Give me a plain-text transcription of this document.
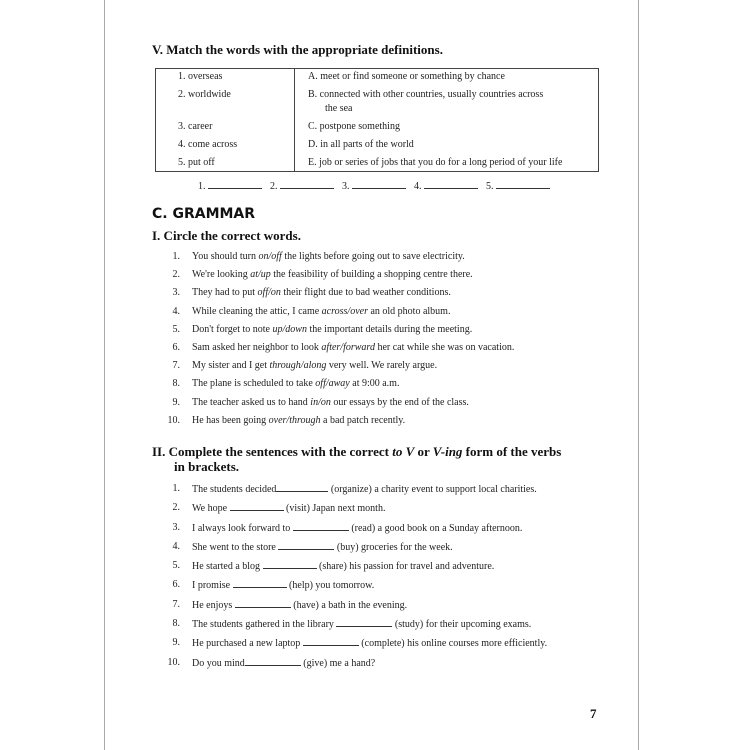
V. Match the words with the appropriate definitions.
1. overseas	A. meet or find someone or something by chance
2. worldwide	B. connected with other countries, usually countries across
the sea
3. career	C. postpone something
4. come across	D. in all parts of the world
5. put off	E. job or series of jobs that you do for a long period of your life
1.	2.	3.	4.	5.
C. GRAMMAR
I. Circle the correct words.
1. You should turn on/off the lights before going out to save electricity.
2. We're looking at/up the feasibility of building a shopping centre there.
3. They had to put off/on their flight due to bad weather conditions.
4. While cleaning the attic, I came across/over an old photo album.
5. Don't forget to note up/down the important details during the meeting.
6. Sam asked her neighbor to look after/forward her cat while she was on vacation.
7. My sister and I get through/along very well. We rarely argue.
8. The plane is scheduled to take off/away at 9:00 a.m.
9. The teacher asked us to hand in/on our essays by the end of the class.
10. He has been going over/through a bad patch recently.
II. Complete the sentences with the correct to V or V-ing form of the verbs
in brackets.
1. The students decided	(organize) a charity event to support local charities.
2. We hope	(visit) Japan next month.
3. I always look forward to	(read) a good book on a Sunday afternoon.
4. She went to the store	(buy) groceries for the week.
5. He started a blog	(share) his passion for travel and adventure.
6. I promise	(help) you tomorrow.
7. He enjoys	(have) a bath in the evening.
8. The students gathered in the library	(study) for their upcoming exams.
9. He purchased a new laptop	(complete) his online courses more efficiently.
10. Do you mind	(give) me a hand?
7
